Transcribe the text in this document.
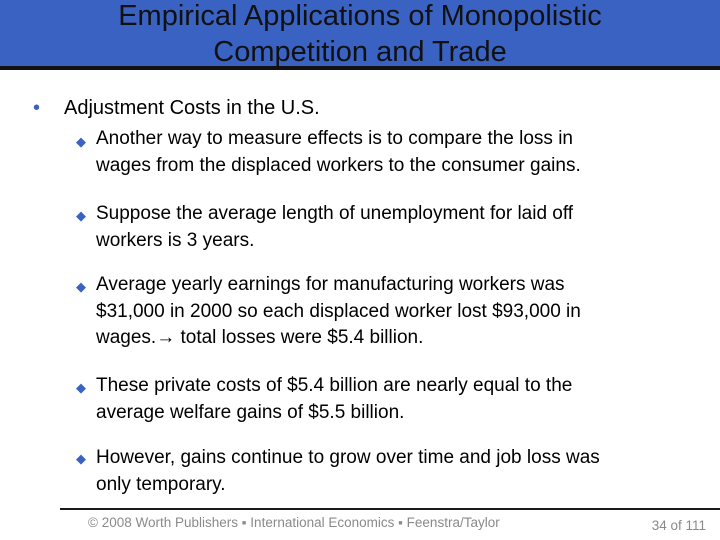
Empirical Applications of Monopolistic
Competition and Trade
• Adjustment Costs in the U.S.
◆ Another way to measure effects is to compare the loss in
wages from the displaced workers to the consumer gains.
◆ Suppose the average length of unemployment for laid off
workers is 3 years.
◆ Average yearly earnings for manufacturing workers was
$31,000 in 2000 so each displaced worker lost $93,000 in
wages.→ total losses were $5.4 billion.
◆ These private costs of $5.4 billion are nearly equal to the
average welfare gains of $5.5 billion.
◆ However, gains continue to grow over time and job loss was
only temporary.
© 2008 Worth Publishers ▪ International Economics ▪ Feenstra/Taylor	34 of 111
